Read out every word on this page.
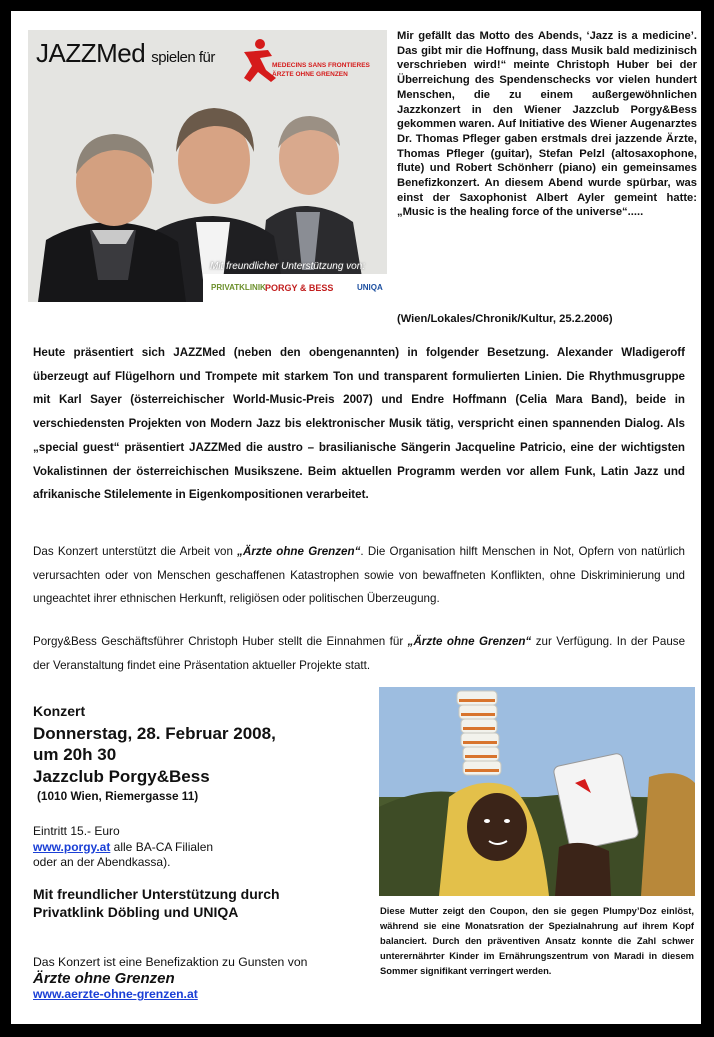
JAZZMed spielen für	MEDECINS SANS FRONTIERES
ÄRZTE OHNE GRENZEN
Mit freundlicher Unterstützung von:
PRIVATKLINIK PORGY & BESS	UNIQA
Mir gefällt das Motto des Abends, ‘Jazz is a medicine’. Das gibt mir die Hoffnung, dass Musik bald medizinisch verschrieben wird!“ meinte Christoph Huber bei der Überreichung des Spendenschecks vor vielen hundert Menschen, die zu einem außergewöhnlichen Jazzkonzert in den Wiener Jazzclub Porgy&Bess gekommen waren. Auf Initiative des Wiener Augenarztes Dr. Thomas Pfleger gaben erstmals drei jazzende Ärzte, Thomas Pfleger (guitar), Stefan Pelzl (altosaxophone, flute) und Robert Schönherr (piano) ein gemeinsames Benefizkonzert. An diesem Abend wurde spürbar, was einst der Saxophonist Albert Ayler gemeint hatte: „Music is the healing force of the universe“.....
(Wien/Lokales/Chronik/Kultur, 25.2.2006)
Heute präsentiert sich JAZZMed (neben den obengenannten) in folgender Besetzung. Alexander Wladigeroff überzeugt auf Flügelhorn und Trompete mit starkem Ton und transparent formulierten Linien. Die Rhythmusgruppe mit Karl Sayer (österreichischer World-Music-Preis 2007) und Endre Hoffmann (Celia Mara Band), beide in verschiedensten Projekten von Modern Jazz bis elektronischer Musik tätig, verspricht einen spannenden Dialog. Als „special guest“ präsentiert JAZZMed die austro – brasilianische Sängerin Jacqueline Patricio, eine der wichtigsten Vokalistinnen der österreichischen Musikszene. Beim aktuellen Programm werden vor allem Funk, Latin Jazz und afrikanische Stilelemente in Eigenkompositionen verarbeitet.
Das Konzert unterstützt die Arbeit von „Ärzte ohne Grenzen“. Die Organisation hilft Menschen in Not, Opfern von natürlich verursachten oder von Menschen geschaffenen Katastrophen sowie von bewaffneten Konflikten, ohne Diskriminierung und ungeachtet ihrer ethnischen Herkunft, religiösen oder politischen Überzeugung.
Porgy&Bess Geschäftsführer Christoph Huber stellt die Einnahmen für „Ärzte ohne Grenzen“ zur Verfügung. In der Pause der Veranstaltung findet eine Präsentation aktueller Projekte statt.
Konzert
Donnerstag, 28. Februar 2008,
um 20h 30
Jazzclub Porgy&Bess
(1010 Wien, Riemergasse 11)
Eintritt 15.- Euro
www.porgy.at alle BA-CA Filialen
oder an der Abendkassa).
Mit freundlicher Unterstützung durch
Privatklink Döbling und UNIQA
Das Konzert ist eine Benefizaktion zu Gunsten von
Ärzte ohne Grenzen
www.aerzte-ohne-grenzen.at
Diese Mutter zeigt den Coupon, den sie gegen Plumpy’Doz einlöst, während sie eine Monatsration der Spezialnahrung auf ihrem Kopf balanciert. Durch den präventiven Ansatz konnte die Zahl schwer unterernährter Kinder im Ernährungszentrum von Maradi in diesem Sommer signifikant verringert werden.
